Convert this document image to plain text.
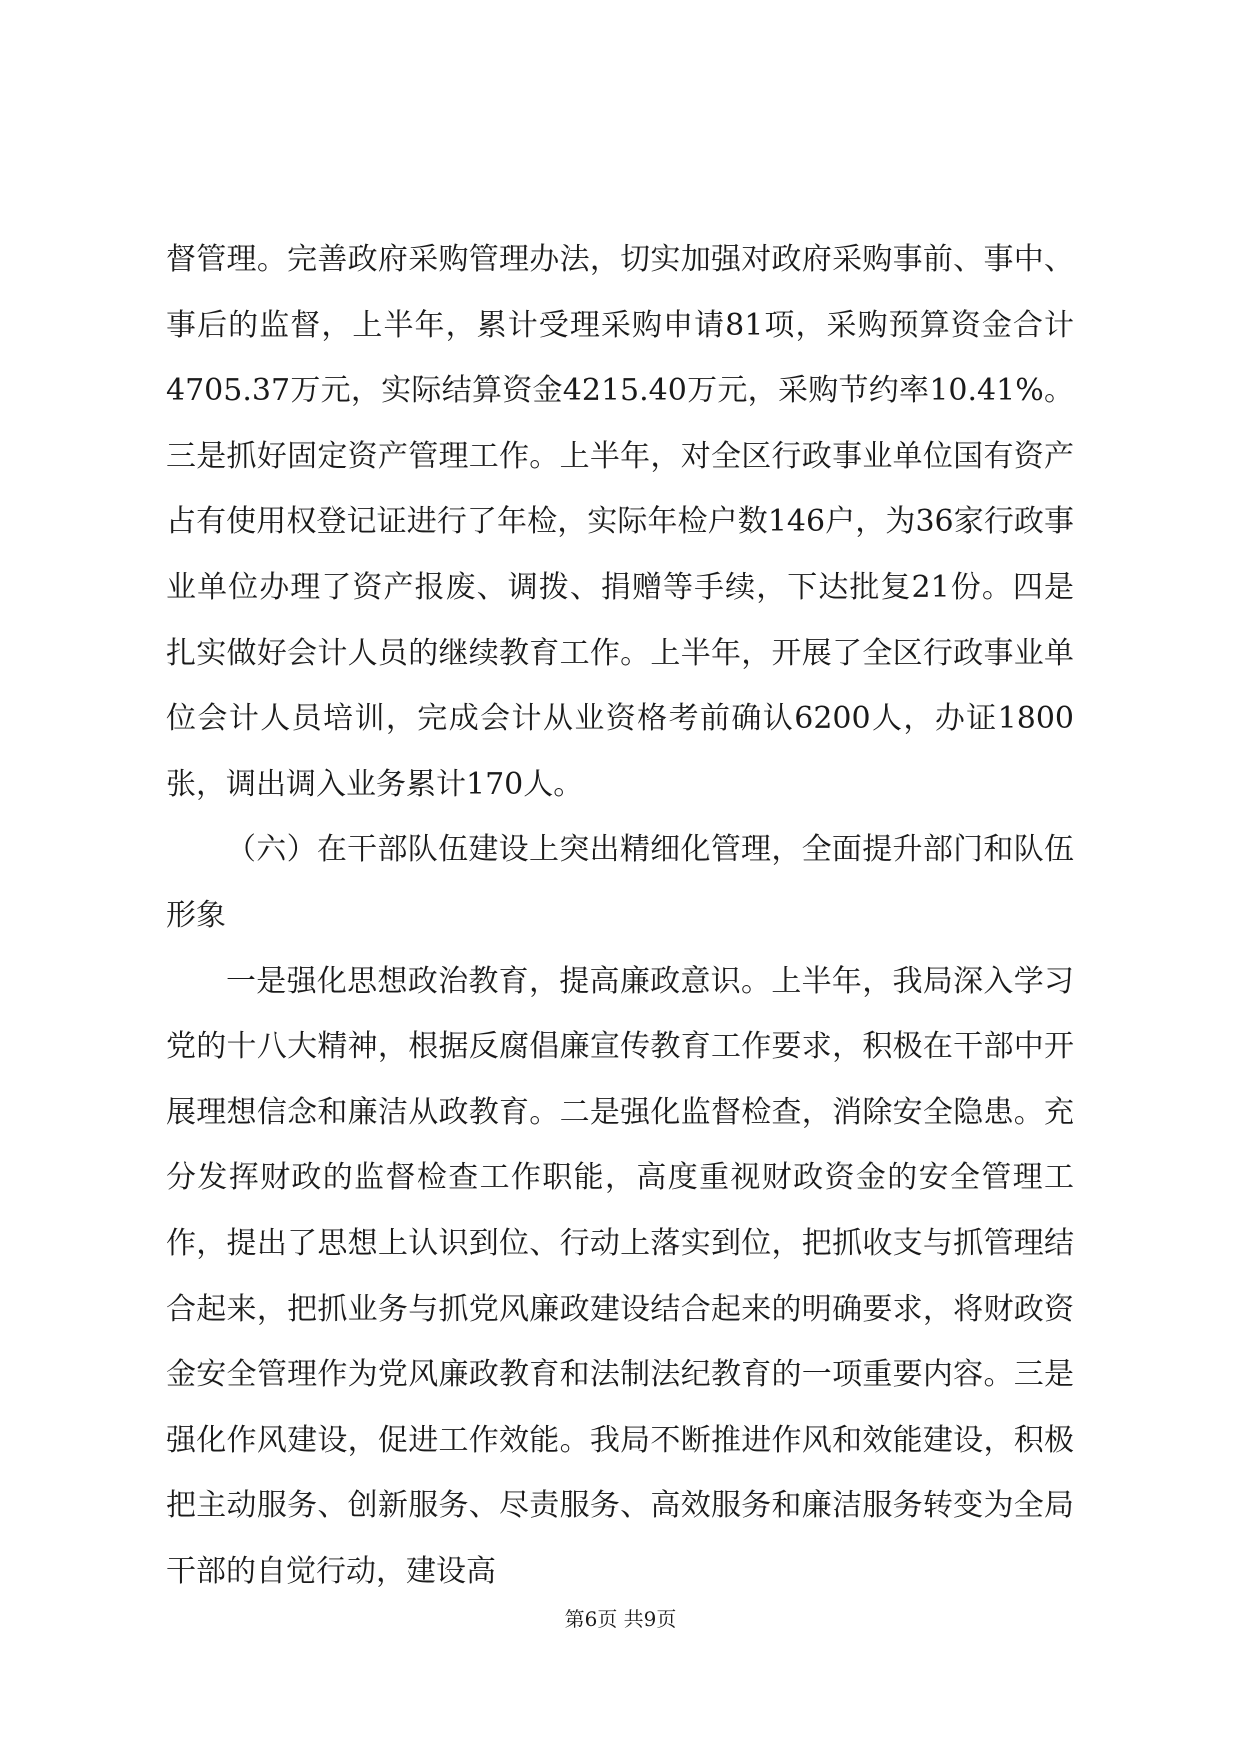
督管理。完善政府采购管理办法，切实加强对政府采购事前、事中、事后的监督，上半年，累计受理采购申请81项，采购预算资金合计4705.37万元，实际结算资金4215.40万元，采购节约率10.41%。三是抓好固定资产管理工作。上半年，对全区行政事业单位国有资产占有使用权登记证进行了年检，实际年检户数146户，为36家行政事业单位办理了资产报废、调拨、捐赠等手续，下达批复21份。四是扎实做好会计人员的继续教育工作。上半年，开展了全区行政事业单位会计人员培训，完成会计从业资格考前确认6200人，办证1800张，调出调入业务累计170人。

（六）在干部队伍建设上突出精细化管理，全面提升部门和队伍形象

一是强化思想政治教育，提高廉政意识。上半年，我局深入学习党的十八大精神，根据反腐倡廉宣传教育工作要求，积极在干部中开展理想信念和廉洁从政教育。二是强化监督检查，消除安全隐患。充分发挥财政的监督检查工作职能，高度重视财政资金的安全管理工作，提出了思想上认识到位、行动上落实到位，把抓收支与抓管理结合起来，把抓业务与抓党风廉政建设结合起来的明确要求，将财政资金安全管理作为党风廉政教育和法制法纪教育的一项重要内容。三是强化作风建设，促进工作效能。我局不断推进作风和效能建设，积极把主动服务、创新服务、尽责服务、高效服务和廉洁服务转变为全局干部的自觉行动，建设高

第6页 共9页
